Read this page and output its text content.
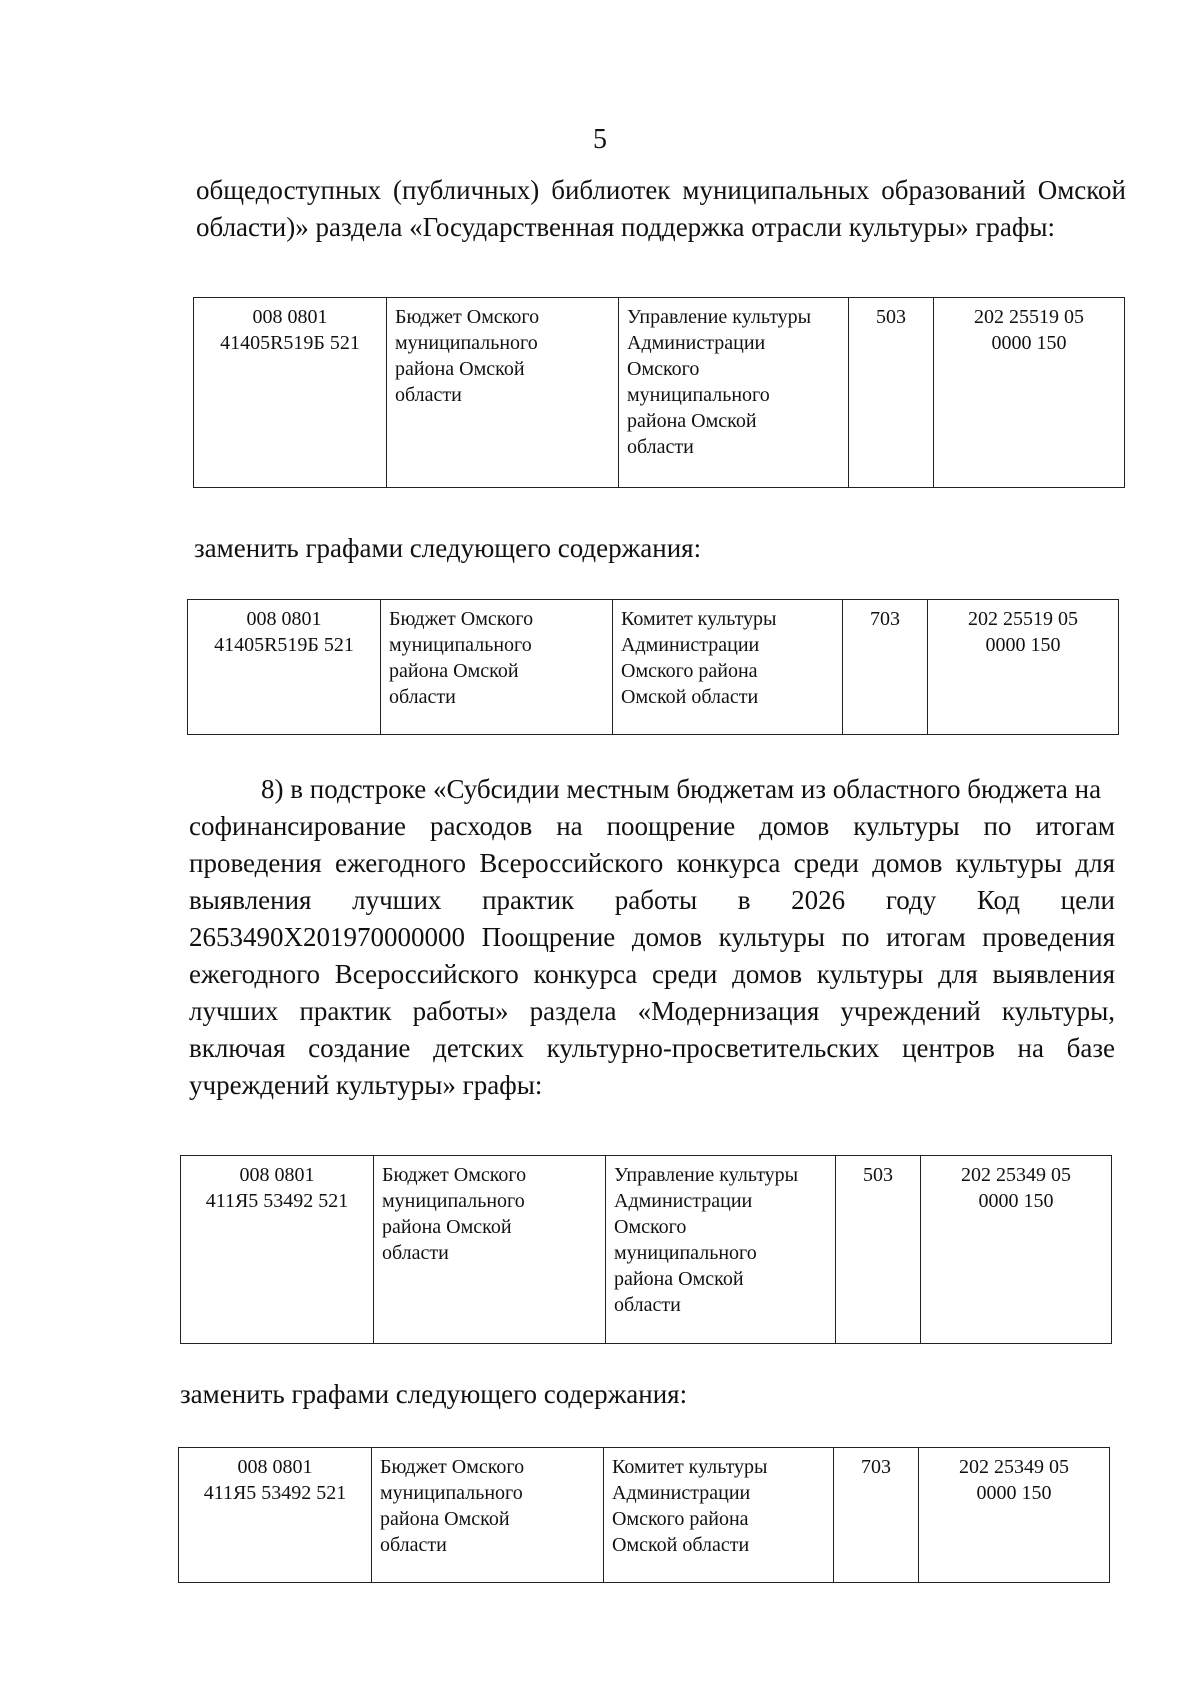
5

общедоступных (публичных) библиотек муниципальных образований Омской области)» раздела «Государственная поддержка отрасли культуры» графы:

008 0801
41405R519Б 521

Бюджет Омского
муниципального
района Омской
области

Управление культуры
Администрации
Омского
муниципального
района Омской
области
	503	202 25519 05
0000 150

заменить графами следующего содержания:

008 0801
41405R519Б 521

Бюджет Омского
муниципального
района Омской
области

Комитет культуры
Администрации
Омского района
Омской области
	703	202 25519 05
0000 150

8) в подстроке «Субсидии местным бюджетам из областного бюджета на
софинансирование расходов на поощрение домов культуры по итогам проведения ежегодного Всероссийского конкурса среди домов культуры для выявления лучших практик работы в 2026 году Код цели 2653490Х201970000000 Поощрение домов культуры по итогам проведения ежегодного Всероссийского конкурса среди домов культуры для выявления лучших практик работы» раздела «Модернизация учреждений культуры, включая создание детских культурно-просветительских центров на базе учреждений культуры» графы:

008 0801
411Я5 53492 521

Бюджет Омского
муниципального
района Омской
области

Управление культуры
Администрации
Омского
муниципального
района Омской
области
	503	202 25349 05
0000 150

заменить графами следующего содержания:

008 0801
411Я5 53492 521

Бюджет Омского
муниципального
района Омской
области

Комитет культуры
Администрации
Омского района
Омской области
	703	202 25349 05
0000 150
